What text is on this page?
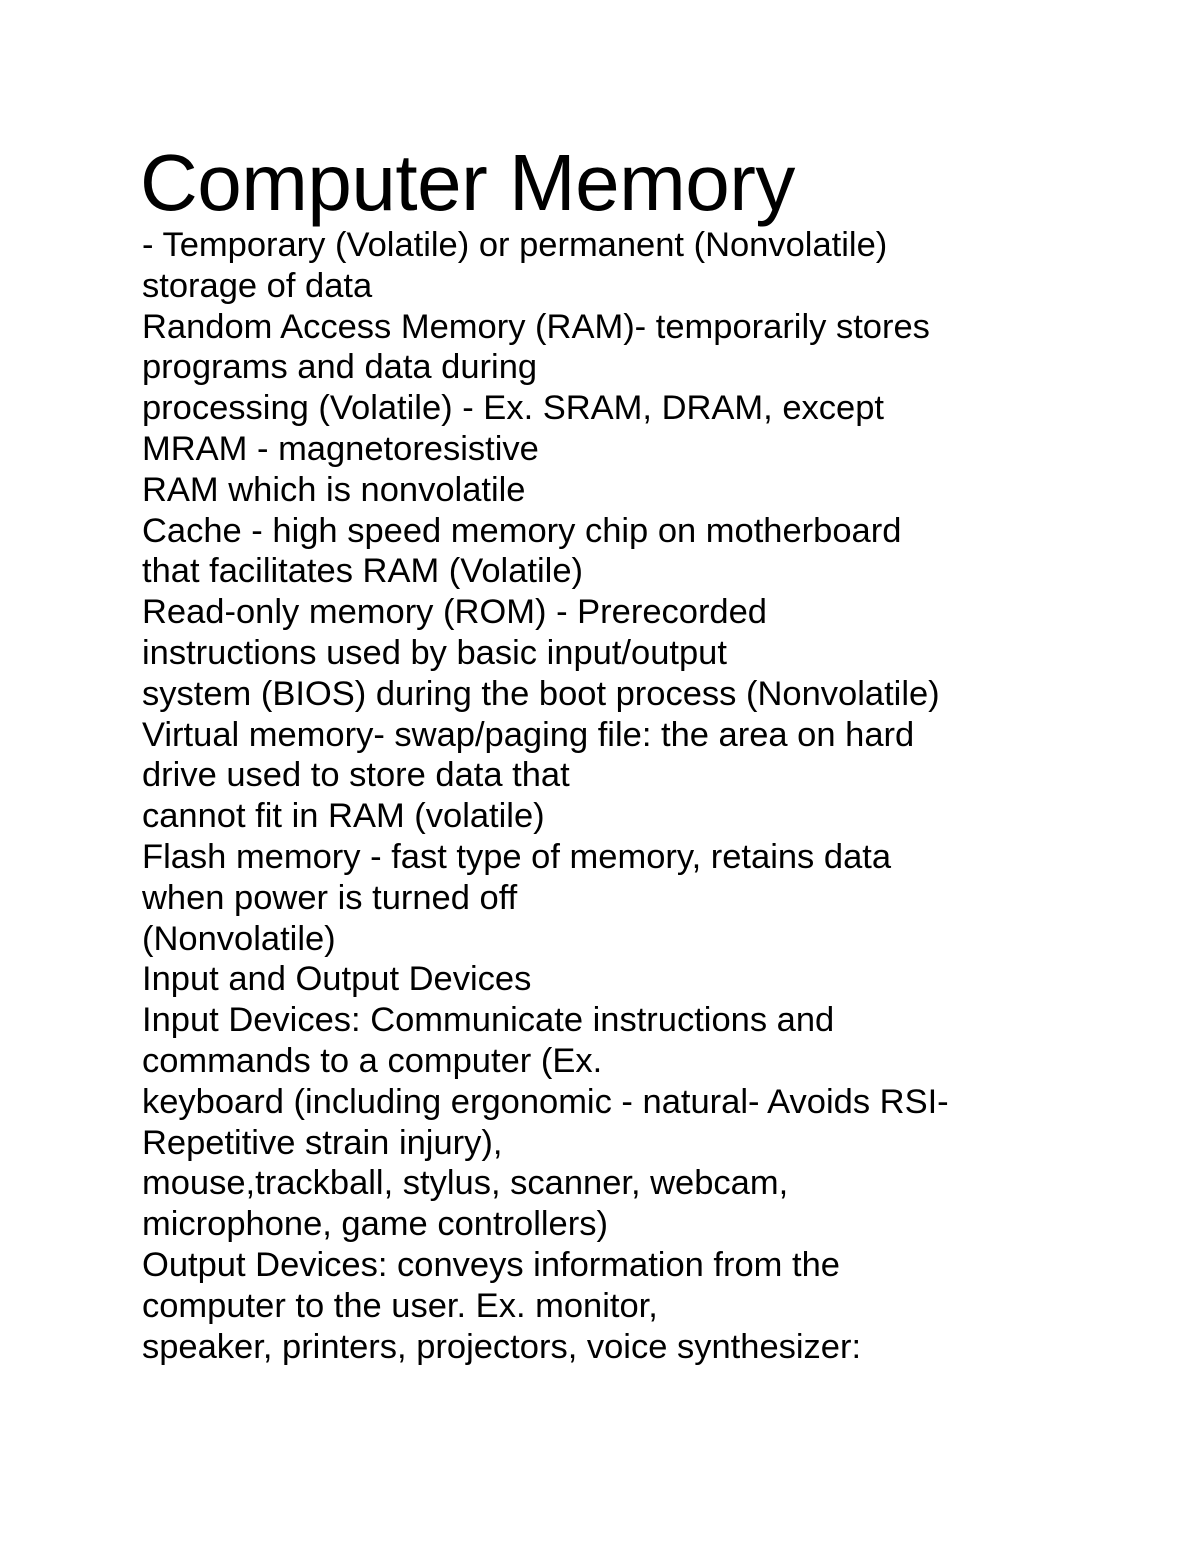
Computer Memory
- Temporary (Volatile) or permanent (Nonvolatile)
storage of data
Random Access Memory (RAM)- temporarily stores
programs and data during
processing (Volatile) - Ex. SRAM, DRAM, except
MRAM - magnetoresistive
RAM which is nonvolatile
Cache - high speed memory chip on motherboard
that facilitates RAM (Volatile)
Read-only memory (ROM) - Prerecorded
instructions used by basic input/output
system (BIOS) during the boot process (Nonvolatile)
Virtual memory- swap/paging file: the area on hard
drive used to store data that
cannot fit in RAM (volatile)
Flash memory - fast type of memory, retains data
when power is turned off
(Nonvolatile)
Input and Output Devices
Input Devices: Communicate instructions and
commands to a computer (Ex.
keyboard (including ergonomic - natural- Avoids RSI-
Repetitive strain injury),
mouse,trackball, stylus, scanner, webcam,
microphone, game controllers)
Output Devices: conveys information from the
computer to the user. Ex. monitor,
speaker, printers, projectors, voice synthesizer:
